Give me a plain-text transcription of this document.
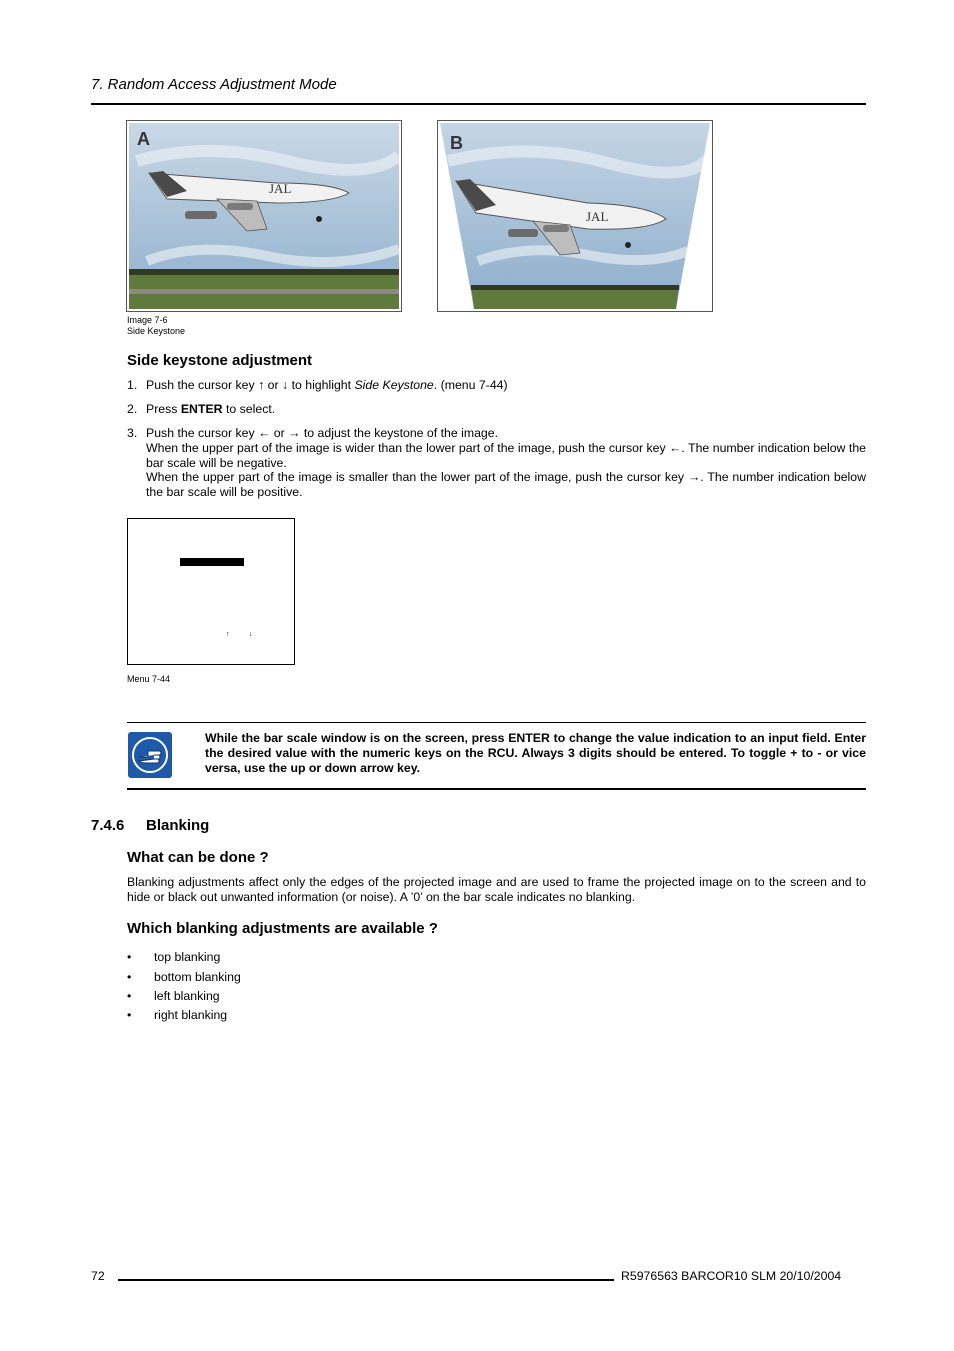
7. Random Access Adjustment Mode
JAL
A
JAL
B
Image 7-6
Side Keystone
Side keystone adjustment
1. Push the cursor key ↑ or ↓ to highlight Side Keystone. (menu 7-44)
2. Press ENTER to select.
3. Push the cursor key ← or → to adjust the keystone of the image.
When the upper part of the image is wider than the lower part of the image, push the cursor key ←. The number indication below the bar scale will be negative.
When the upper part of the image is smaller than the lower part of the image, push the cursor key →. The number indication below the bar scale will be positive.
↑	↓
Menu 7-44
While the bar scale window is on the screen, press ENTER to change the value indication to an input field. Enter the desired value with the numeric keys on the RCU. Always 3 digits should be entered. To toggle + to - or vice versa, use the up or down arrow key.
7.4.6 Blanking
What can be done ?
Blanking adjustments affect only the edges of the projected image and are used to frame the projected image on to the screen and to hide or black out unwanted information (or noise). A ’0’ on the bar scale indicates no blanking.
Which blanking adjustments are available ?
• top blanking
• bottom blanking
• left blanking
• right blanking
72	R5976563 BARCOR10 SLM 20/10/2004
